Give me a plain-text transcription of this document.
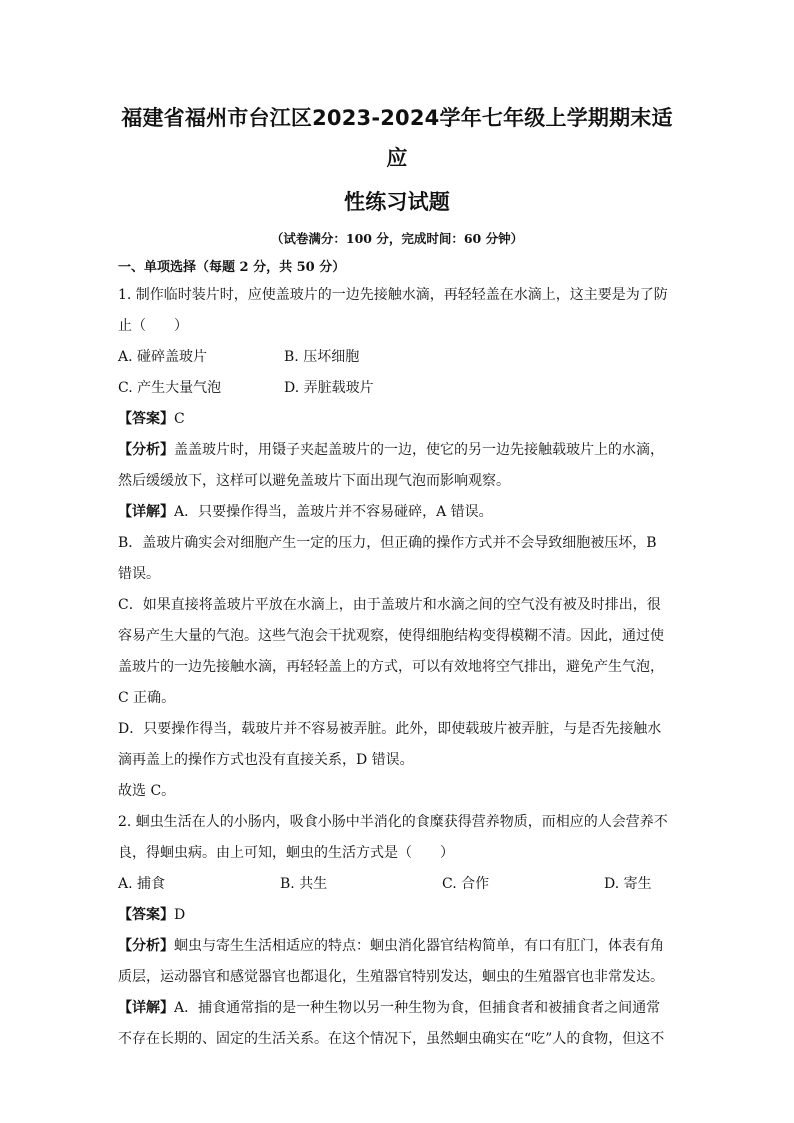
福建省福州市台江区2023-2024学年七年级上学期期末适应
性练习试题
（试卷满分：100 分，完成时间：60 分钟）
一、单项选择（每题 2 分，共 50 分）
1. 制作临时装片时，应使盖玻片的一边先接触水滴，再轻轻盖在水滴上，这主要是为了防
止（　　）
A. 碰碎盖玻片	B. 压坏细胞
C. 产生大量气泡	D. 弄脏载玻片
【答案】C
【分析】盖盖玻片时，用镊子夹起盖玻片的一边，使它的另一边先接触载玻片上的水滴，
然后缓缓放下，这样可以避免盖玻片下面出现气泡而影响观察。
【详解】A．只要操作得当，盖玻片并不容易碰碎，A 错误。
B．盖玻片确实会对细胞产生一定的压力，但正确的操作方式并不会导致细胞被压坏，B
错误。
C．如果直接将盖玻片平放在水滴上，由于盖玻片和水滴之间的空气没有被及时排出，很
容易产生大量的气泡。这些气泡会干扰观察，使得细胞结构变得模糊不清。因此，通过使
盖玻片的一边先接触水滴，再轻轻盖上的方式，可以有效地将空气排出，避免产生气泡，
C 正确。
D．只要操作得当，载玻片并不容易被弄脏。此外，即使载玻片被弄脏，与是否先接触水
滴再盖上的操作方式也没有直接关系，D 错误。
故选 C。
2. 蛔虫生活在人的小肠内，吸食小肠中半消化的食糜获得营养物质，而相应的人会营养不
良，得蛔虫病。由上可知，蛔虫的生活方式是（　　）
A. 捕食	B. 共生	C. 合作	D. 寄生
【答案】D
【分析】蛔虫与寄生生活相适应的特点：蛔虫消化器官结构简单，有口有肛门，体表有角
质层，运动器官和感觉器官也都退化，生殖器官特别发达，蛔虫的生殖器官也非常发达。
【详解】A．捕食通常指的是一种生物以另一种生物为食，但捕食者和被捕食者之间通常
不存在长期的、固定的生活关系。在这个情况下，虽然蛔虫确实在“吃”人的食物，但这不
